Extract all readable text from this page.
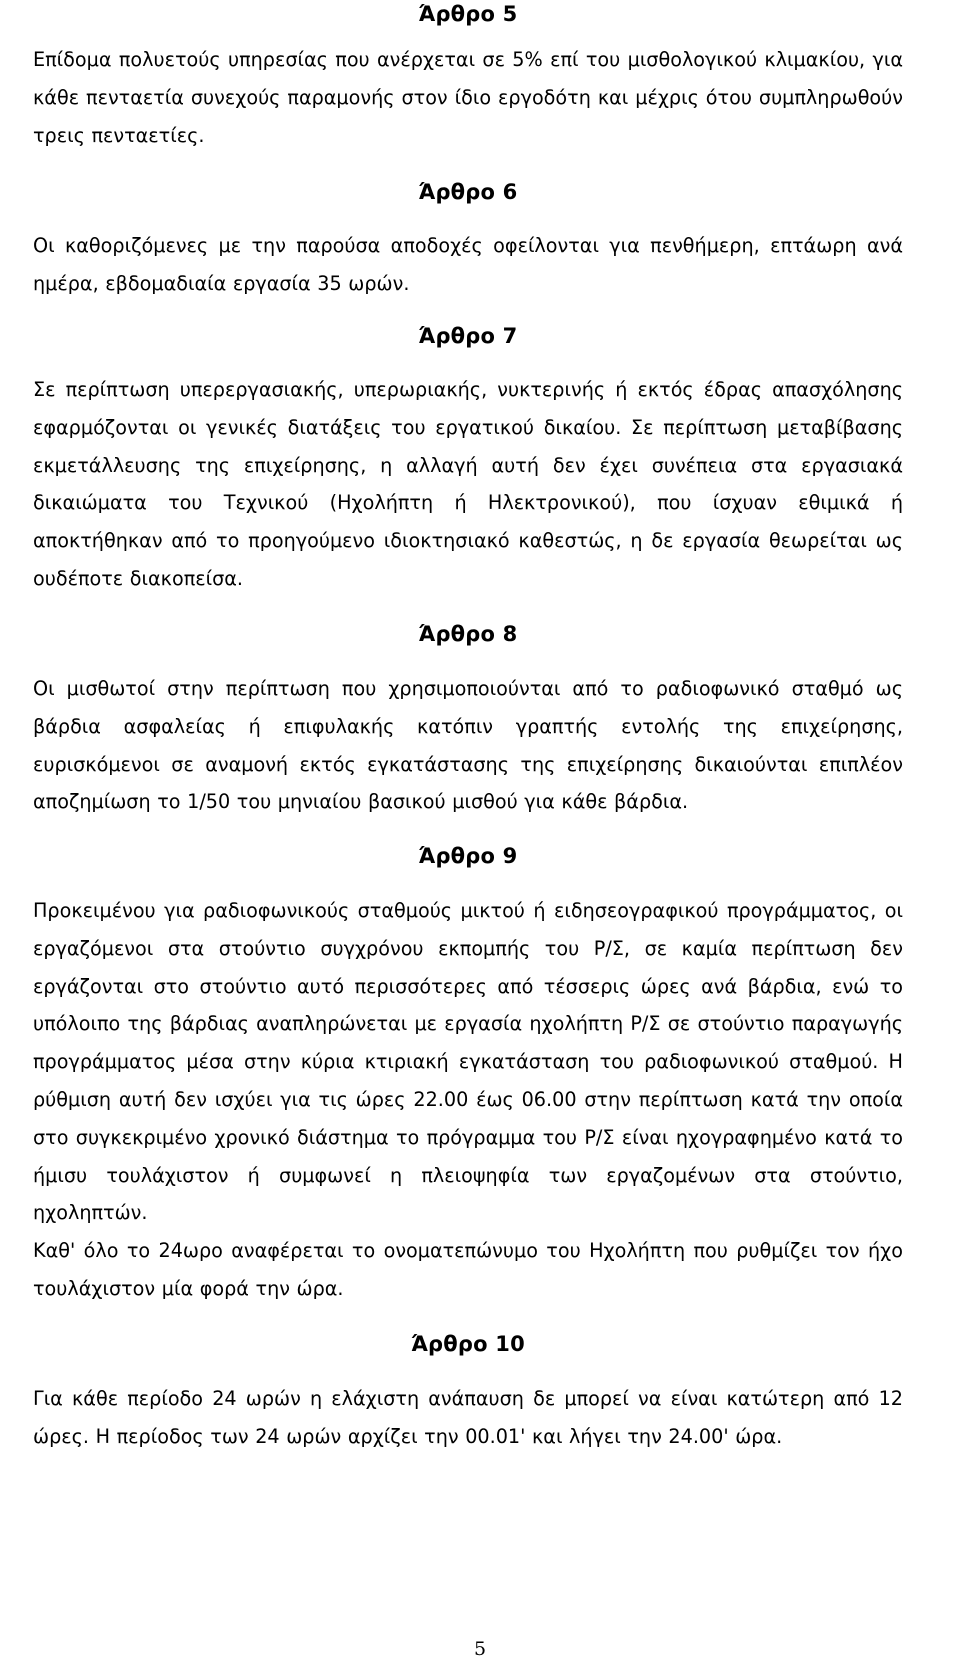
Άρθρο 5

Επίδομα πολυετούς υπηρεσίας που ανέρχεται σε 5% επί του μισθολογικού κλιμακίου, για κάθε πενταετία συνεχούς παραμονής στον ίδιο εργοδότη και μέχρις ότου συμπληρωθούν τρεις πενταετίες.

Άρθρο 6

Οι καθοριζόμενες με την παρούσα αποδοχές οφείλονται για πενθήμερη, επτάωρη ανά ημέρα, εβδομαδιαία εργασία 35 ωρών.

Άρθρο 7

Σε περίπτωση υπερεργασιακής, υπερωριακής, νυκτερινής ή εκτός έδρας απασχόλησης εφαρμόζονται οι γενικές διατάξεις του εργατικού δικαίου. Σε περίπτωση μεταβίβασης εκμετάλλευσης της επιχείρησης, η αλλαγή αυτή δεν έχει συνέπεια στα εργασιακά δικαιώματα του Τεχνικού (Ηχολήπτη ή Ηλεκτρονικού), που ίσχυαν εθιμικά ή αποκτήθηκαν από το προηγούμενο ιδιοκτησιακό καθεστώς, η δε εργασία θεωρείται ως ουδέποτε διακοπείσα.

Άρθρο 8

Οι μισθωτοί στην περίπτωση που χρησιμοποιούνται από το ραδιοφωνικό σταθμό ως βάρδια ασφαλείας ή επιφυλακής κατόπιν γραπτής εντολής της επιχείρησης, ευρισκόμενοι σε αναμονή εκτός εγκατάστασης της επιχείρησης δικαιούνται επιπλέον αποζημίωση το 1/50 του μηνιαίου βασικού μισθού για κάθε βάρδια.

Άρθρο 9

Προκειμένου για ραδιοφωνικούς σταθμούς μικτού ή ειδησεογραφικού προγράμματος, οι εργαζόμενοι στα στούντιο συγχρόνου εκπομπής του Ρ/Σ, σε καμία περίπτωση δεν εργάζονται στο στούντιο αυτό περισσότερες από τέσσερις ώρες ανά βάρδια, ενώ το υπόλοιπο της βάρδιας αναπληρώνεται με εργασία ηχολήπτη Ρ/Σ σε στούντιο παραγωγής προγράμματος μέσα στην κύρια κτιριακή εγκατάσταση του ραδιοφωνικού σταθμού. Η ρύθμιση αυτή δεν ισχύει για τις ώρες 22.00 έως 06.00 στην περίπτωση κατά την οποία στο συγκεκριμένο χρονικό διάστημα το πρόγραμμα του Ρ/Σ είναι ηχογραφημένο κατά το ήμισυ τουλάχιστον ή συμφωνεί η πλειοψηφία των εργαζομένων στα στούντιο, ηχοληπτών.

Καθ' όλο το 24ωρο αναφέρεται το ονοματεπώνυμο του Ηχολήπτη που ρυθμίζει τον ήχο τουλάχιστον μία φορά την ώρα.

Άρθρο 10

Για κάθε περίοδο 24 ωρών η ελάχιστη ανάπαυση δε μπορεί να είναι κατώτερη από 12 ώρες. Η περίοδος των 24 ωρών αρχίζει την 00.01' και λήγει την 24.00' ώρα.

5
